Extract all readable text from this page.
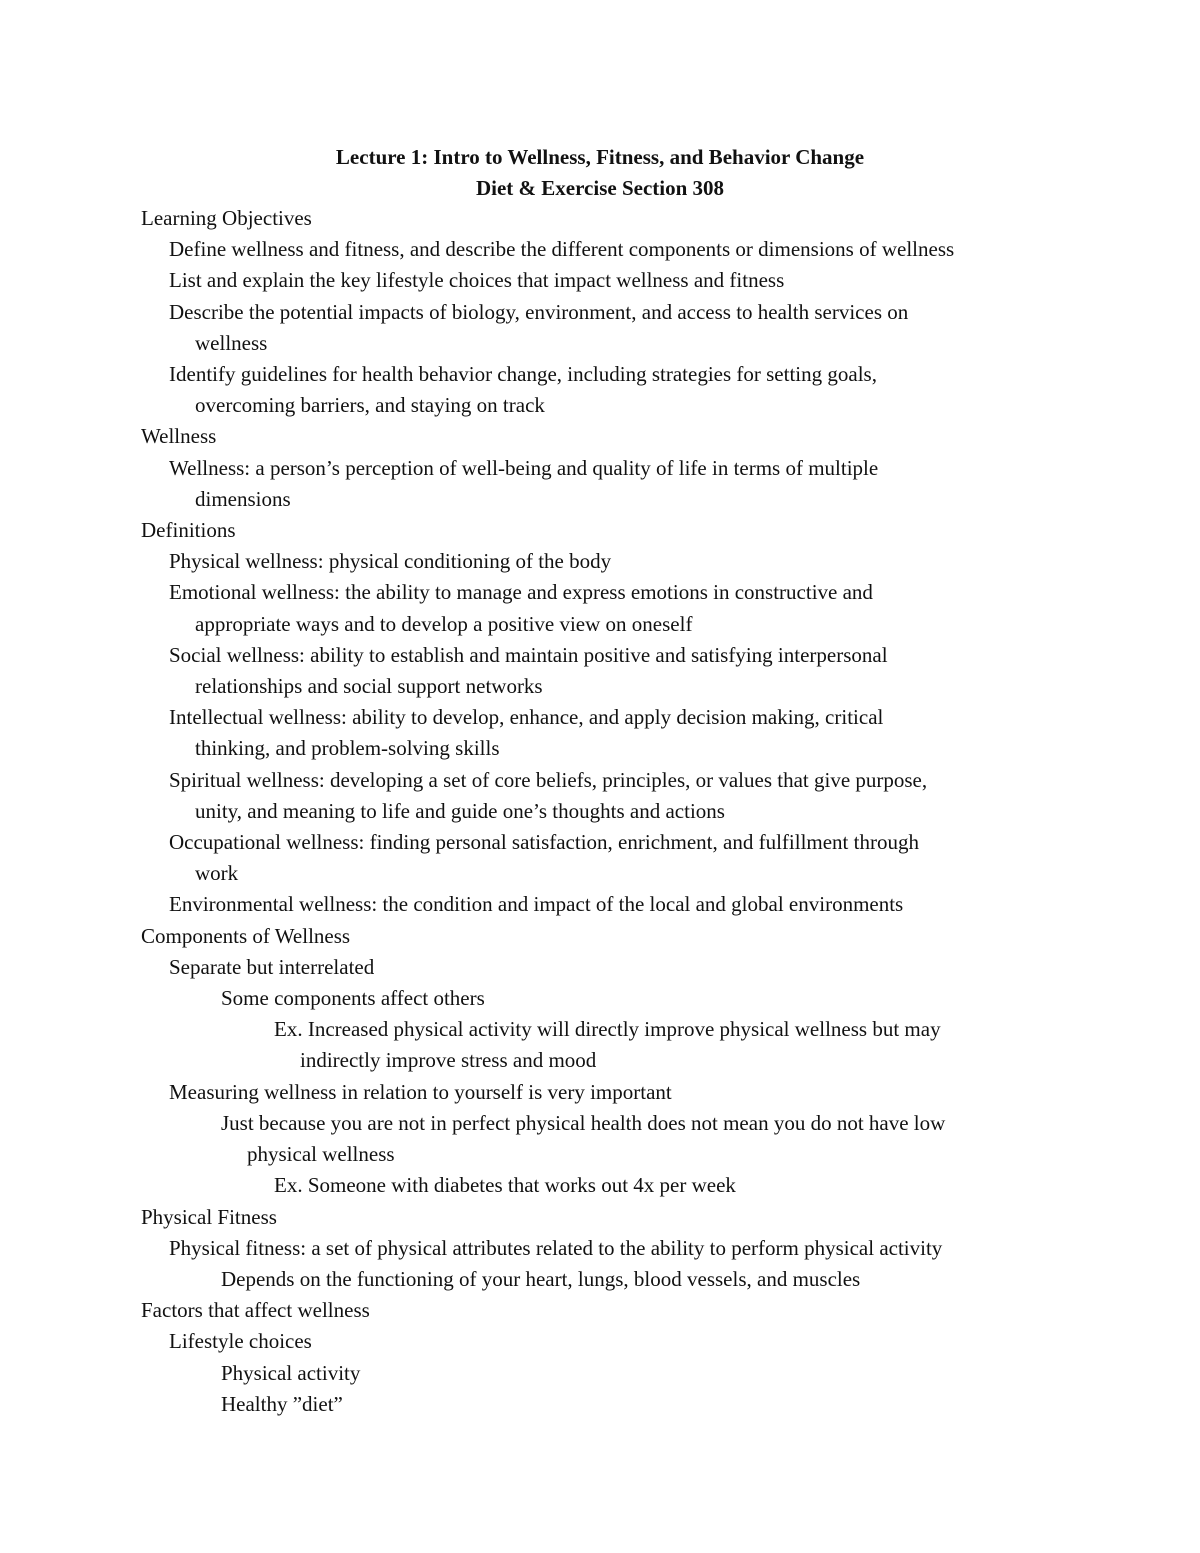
Lecture 1: Intro to Wellness, Fitness, and Behavior Change
Diet & Exercise Section 308
Learning Objectives
Define wellness and fitness, and describe the different components or dimensions of wellness
List and explain the key lifestyle choices that impact wellness and fitness
Describe the potential impacts of biology, environment, and access to health services on
wellness
Identify guidelines for health behavior change, including strategies for setting goals,
overcoming barriers, and staying on track
Wellness
Wellness: a person’s perception of well-being and quality of life in terms of multiple
dimensions
Definitions
Physical wellness: physical conditioning of the body
Emotional wellness: the ability to manage and express emotions in constructive and
appropriate ways and to develop a positive view on oneself
Social wellness: ability to establish and maintain positive and satisfying interpersonal
relationships and social support networks
Intellectual wellness: ability to develop, enhance, and apply decision making, critical
thinking, and problem-solving skills
Spiritual wellness: developing a set of core beliefs, principles, or values that give purpose,
unity, and meaning to life and guide one’s thoughts and actions
Occupational wellness: finding personal satisfaction, enrichment, and fulfillment through
work
Environmental wellness: the condition and impact of the local and global environments
Components of Wellness
Separate but interrelated
Some components affect others
Ex. Increased physical activity will directly improve physical wellness but may
indirectly improve stress and mood
Measuring wellness in relation to yourself is very important
Just because you are not in perfect physical health does not mean you do not have low
physical wellness
Ex. Someone with diabetes that works out 4x per week
Physical Fitness
Physical fitness: a set of physical attributes related to the ability to perform physical activity
Depends on the functioning of your heart, lungs, blood vessels, and muscles
Factors that affect wellness
Lifestyle choices
Physical activity
Healthy ”diet”
